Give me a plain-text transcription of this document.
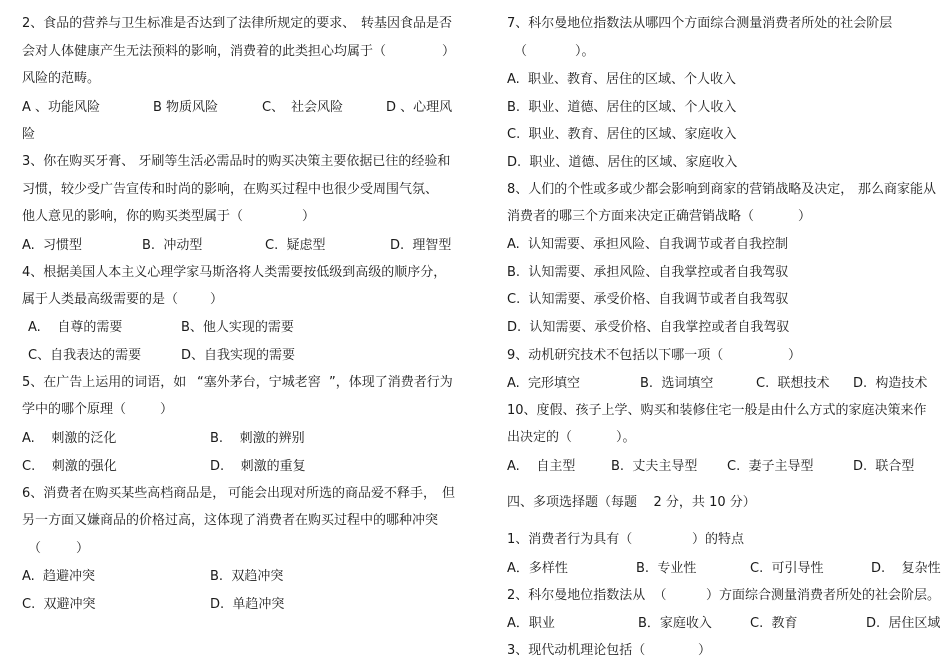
2、食品的营养与卫生标准是否达到了法律所规定的要求、 转基因食品是否
会对人体健康产生无法预料的影响，消费着的此类担心均属于（	）
风险的范畴。
A 、功能风险	B 物质风险	C、 社会风险	D 、心理风
险
3、你在购买牙膏、 牙刷等生活必需品时的购买决策主要依据已往的经验和
习惯，较少受广告宣传和时尚的影响，在购买过程中也很少受周围气氛、
他人意见的影响，你的购买类型属于（	）
A.  习惯型	B.  冲动型	C.  疑虑型	D.  理智型
4、根据美国人本主义心理学家马斯洛将人类需要按低级到高级的顺序分，
属于人类最高级需要的是（ ）
A.    自尊的需要	B、他人实现的需要
C、自我表达的需要	D、自我实现的需要
5、在广告上运用的词语，如 “塞外茅台，宁城老窖  ”，体现了消费者行为
学中的哪个原理（	）
A.    刺激的泛化	B.    刺激的辨别
C.    刺激的强化	D.    刺激的重复
6、消费者在购买某些高档商品是， 可能会出现对所选的商品爱不释手， 但
另一方面又嫌商品的价格过高，这体现了消费者在购买过程中的哪种冲突
（	）
A.  趋避冲突	B.  双趋冲突
C.  双避冲突	D.  单趋冲突
7、科尔曼地位指数法从哪四个方面综合测量消费者所处的社会阶层
（	）。
A.  职业、教育、居住的区域、个人收入
B.  职业、道德、居住的区域、个人收入
C.  职业、教育、居住的区域、家庭收入
D.  职业、道德、居住的区域、家庭收入
8、人们的个性或多或少都会影响到商家的营销战略及决定， 那么商家能从
消费者的哪三个方面来决定正确营销战略（	）
A.  认知需要、承担风险、自我调节或者自我控制
B.  认知需要、承担风险、自我掌控或者自我驾驭
C.  认知需要、承受价格、自我调节或者自我驾驭
D.  认知需要、承受价格、自我掌控或者自我驾驭
9、动机研究技术不包括以下哪一项（	）
A.  完形填空	B.  选词填空	C.  联想技术 D.  构造技术
10、度假、孩子上学、购买和装修住宅一般是由什么方式的家庭决策来作
出决定的（	）。
A.    自主型	B.  丈夫主导型 C.  妻子主导型	D.  联合型
四、多项选择题（每题    2 分，共 10 分）
1、消费者行为具有（	）的特点
A．多样性	B.  专业性	C.  可引导性	D.    复杂性
2、科尔曼地位指数法从  （	）方面综合测量消费者所处的社会阶层。
A．职业	B．家庭收入	C.  教育	D.  居住区域
3、现代动机理论包括（	）
